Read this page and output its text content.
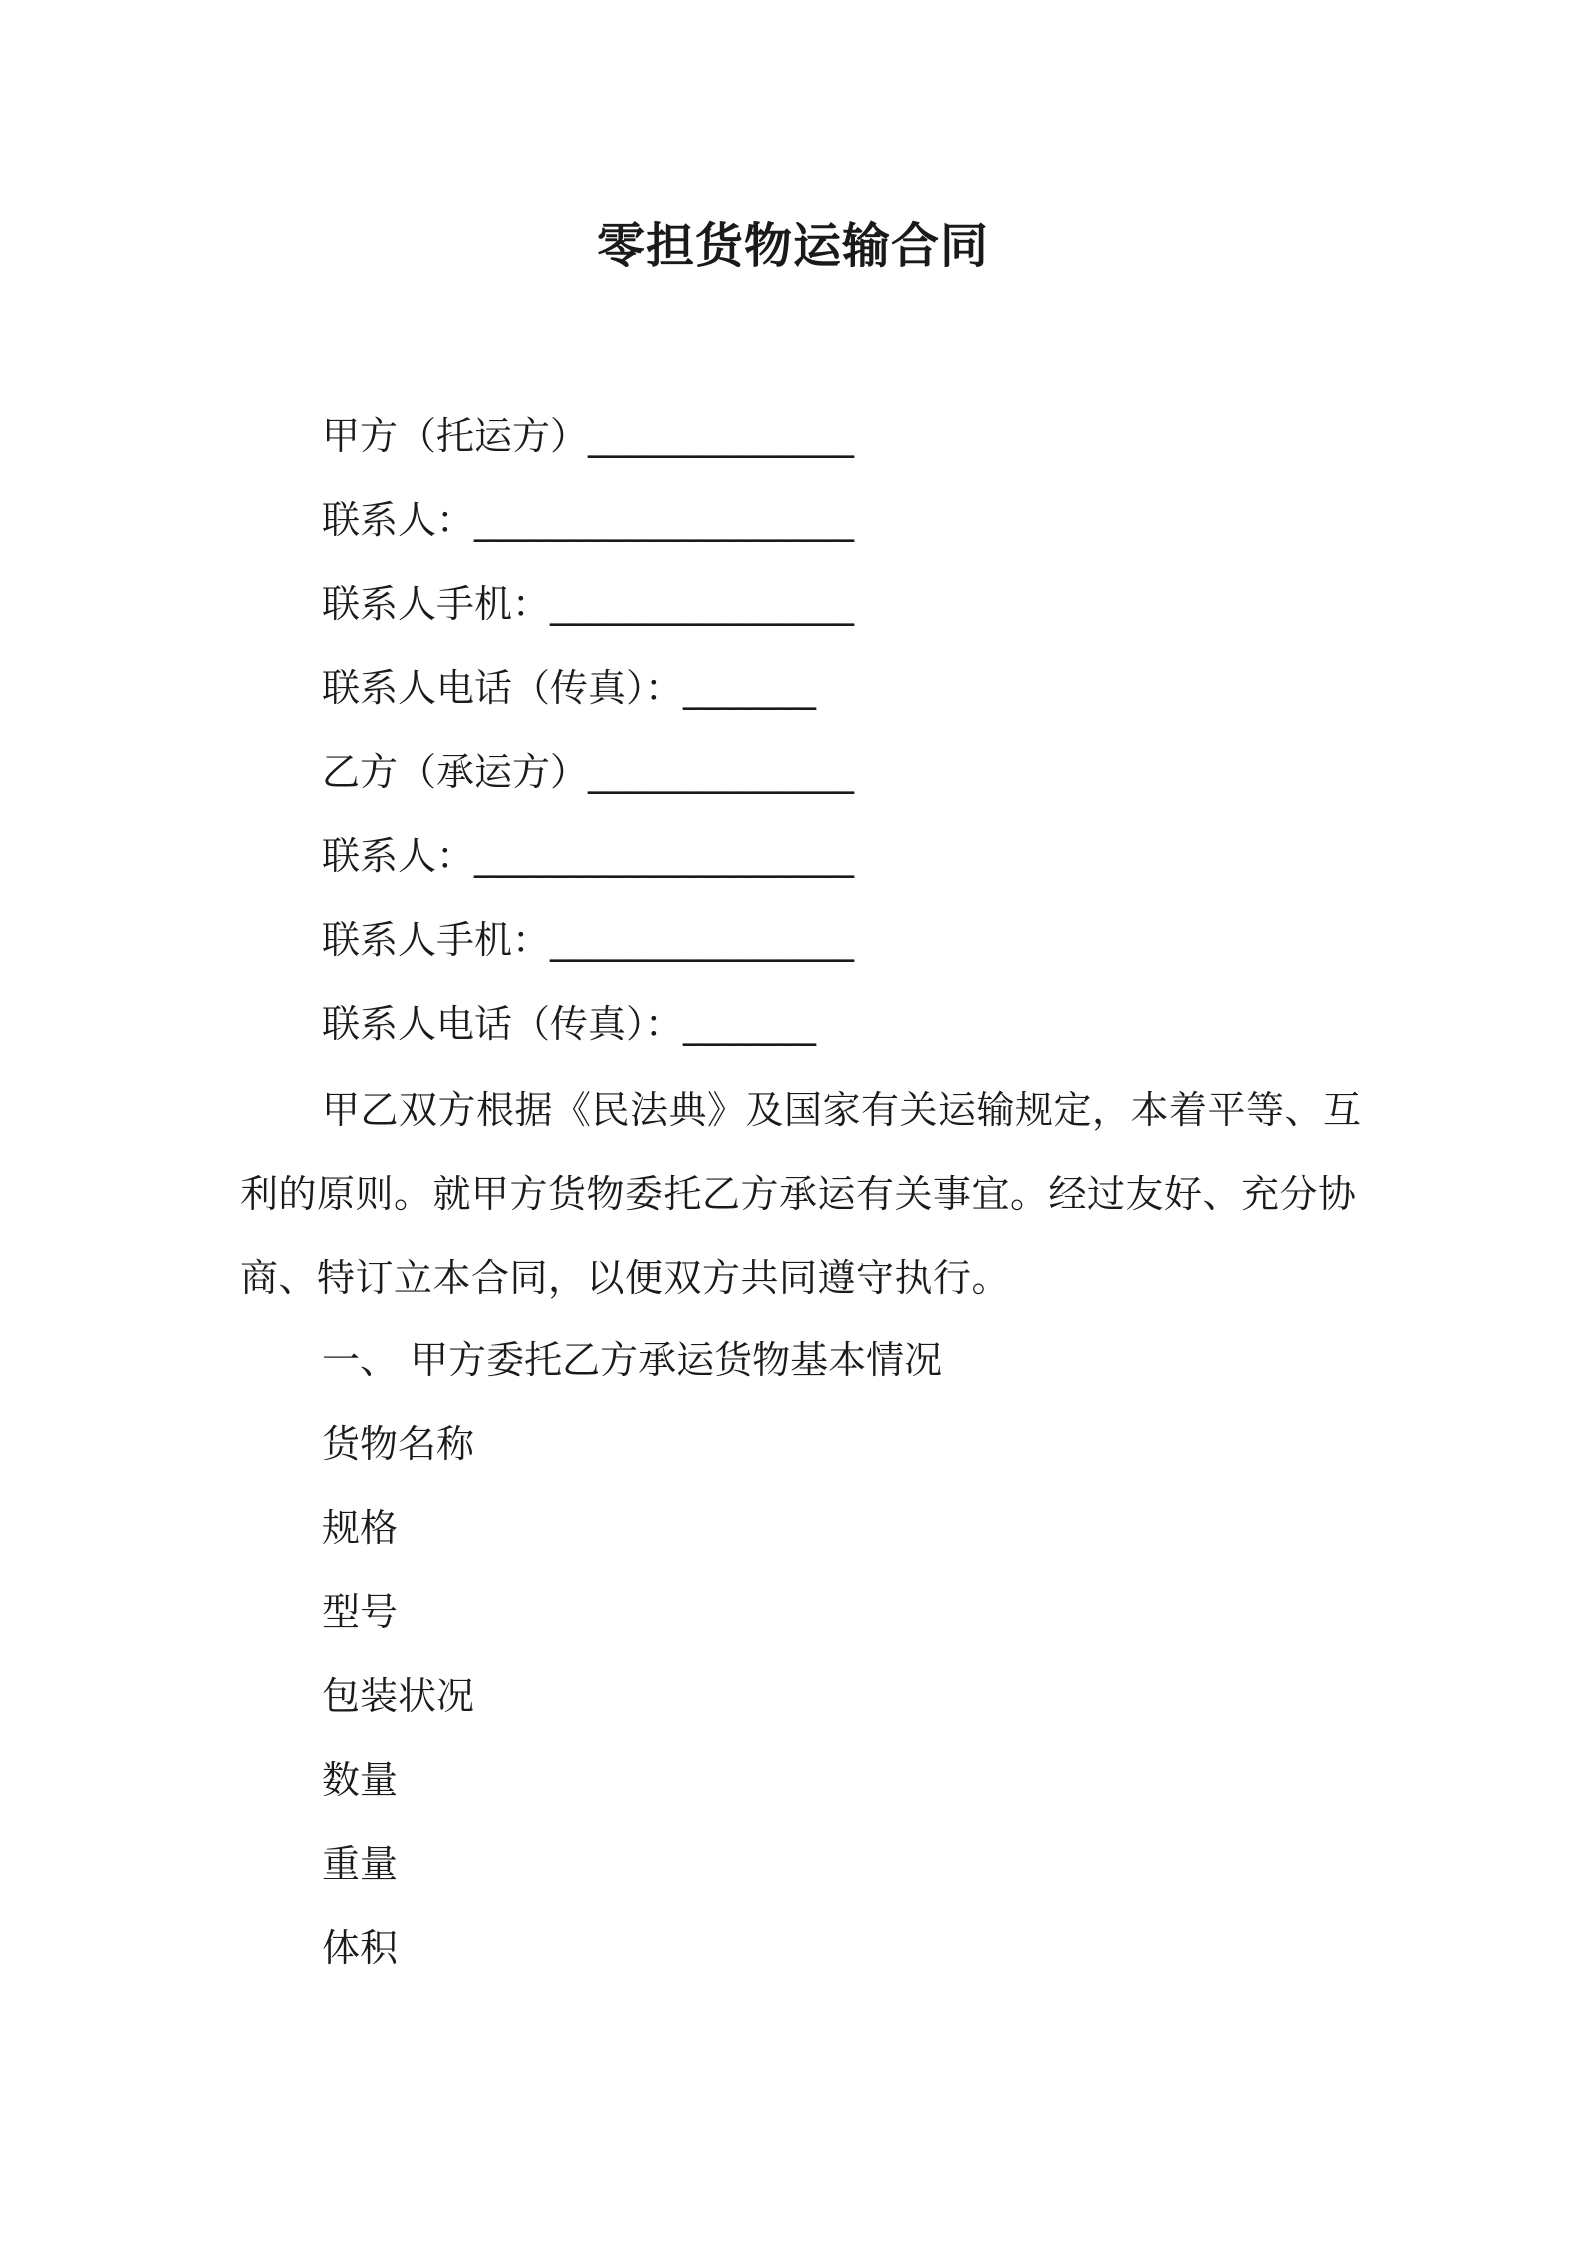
零担货物运输合同
甲方（托运方）______________
联系人：____________________
联系人手机：________________
联系人电话（传真）：_______
乙方（承运方）______________
联系人：____________________
联系人手机：________________
联系人电话（传真）：_______
甲乙双方根据《民法典》及国家有关运输规定，本着平等、互利的原则。就甲方货物委托乙方承运有关事宜。经过友好、充分协商、特订立本合同，以便双方共同遵守执行。
一、 甲方委托乙方承运货物基本情况
货物名称
规格
型号
包装状况
数量
重量
体积
